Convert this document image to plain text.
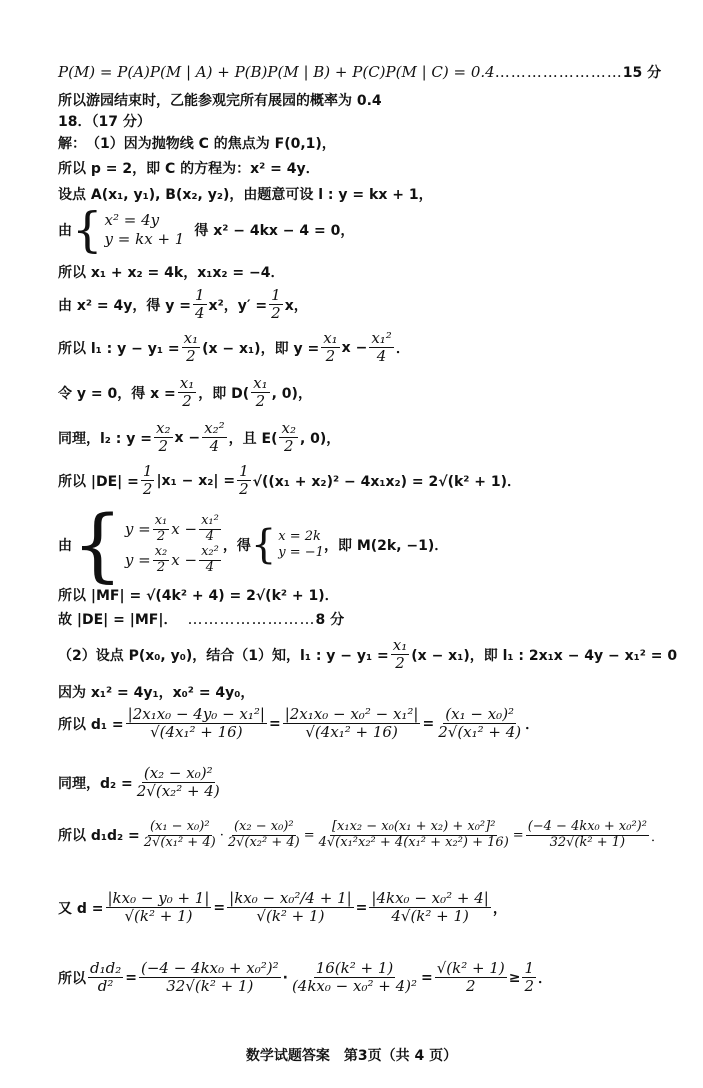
P(M) = P(A)P(M | A) + P(B)P(M | B) + P(C)P(M | C) = 0.4 …………………… 15 分
所以游园结束时，乙能参观完所有展园的概率为 0.4
18．（17 分）
解： （1）因为抛物线 C 的焦点为 F(0,1)，
所以 p = 2，即 C 的方程为：x² = 4y．
设点 A(x₁, y₁), B(x₂, y₂)，由题意可设 l : y = kx + 1，
由 { x² = 4y
y = kx + 1 得 x² − 4kx − 4 = 0，
所以 x₁ + x₂ = 4k，x₁x₂ = −4．
由 x² = 4y，得 $y = \frac{1}{4} x^2$，$y' = \frac{1}{2}$ x，
所以 l₁ : $y - y_1 = \frac{\text{x₁}}{2} (x - x_1)$，即 $y = \frac{\text{x₁}}{2}$ $x - \frac{\text{x₁²}}{4}$ ．
令 y = 0，得 $x = \frac{\text{x₁}}{2}$ ，即 $D( \frac{\text{x₁}}{2}$ , 0)，
同理，l₂ : $y = \frac{\text{x₂}}{2}$ $x - \frac{\text{x₂²}}{4}$ ，且 $E( \frac{\text{x₂}}{2}$ , 0)，
所以 $|DE| = \frac{1}{2} |x_1 - x_2| = \frac{1}{2} √((x_1 + x_2)^2 - 4x_1x_2) = 2√(k^2 + 1)$．
由 { $y = \frac{\text{x₁}}{2}$ $x - \frac{\text{x₁²}}{4}$
$y = \frac{\text{x₂}}{2}$ $x - \frac{\text{x₂²}}{4}$ ，得 { x = 2k
y = −1 ，即 M(2k, −1)．
所以 |MF| = √(4k² + 4) = 2√(k² + 1)．
故 |DE| = |MF|． …………………… 8 分
（2）设点 P(x₀, y₀)，结合（1）知，l₁ : $y - y_1 = \frac{\text{x₁}}{2} (x - x_1)$，即 l₁ : 2x₁x − 4y − x₁² = 0
因为 x₁² = 4y₁，x₀² = 4y₀，
所以 $d_1 = \frac{\text{|2x₁x₀ − 4y₀ − x₁²|}}{\text{√(4x₁² + 16)}} = \frac{\text{|2x₁x₀ − x₀² − x₁²|}}{\text{√(4x₁² + 16)}} = \frac{\text{(x₁ − x₀)²}}{\text{2√(x₁² + 4)}}$ ．
同理，$d_2 = \frac{\text{(x₂ − x₀)²}}{\text{2√(x₂² + 4)}}$
所以 $d_1d_2 = \frac{\text{(x₁ − x₀)²}}{\text{2√(x₁² + 4)}} \cdot \frac{\text{(x₂ − x₀)²}}{\text{2√(x₂² + 4)}} = \frac{\text{[x₁x₂ − x₀(x₁ + x₂) + x₀²]²}}{\text{4√(x₁²x₂² + 4(x₁² + x₂²) + 16)}} = \frac{\text{(−4 − 4kx₀ + x₀²)²}}{\text{32√(k² + 1)}}$ ．
又 $d = \frac{\text{|kx₀ − y₀ + 1|}}{\text{√(k² + 1)}} = \frac{\text{|kx₀ − x₀²/4 + 1|}}{\text{√(k² + 1)}} = \frac{\text{|4kx₀ − x₀² + 4|}}{\text{4√(k² + 1)}}$ ，
所以 $\frac{\text{d₁d₂}}{\text{d²}} = \frac{\text{(−4 − 4kx₀ + x₀²)²}}{\text{32√(k² + 1)}} \cdot \frac{\text{16(k² + 1)}}{\text{(4kx₀ − x₀² + 4)²}} = \frac{\text{√(k² + 1)}}{2} \ge \frac{1}{2}$ ．
数学试题答案　第3页（共 4 页）
